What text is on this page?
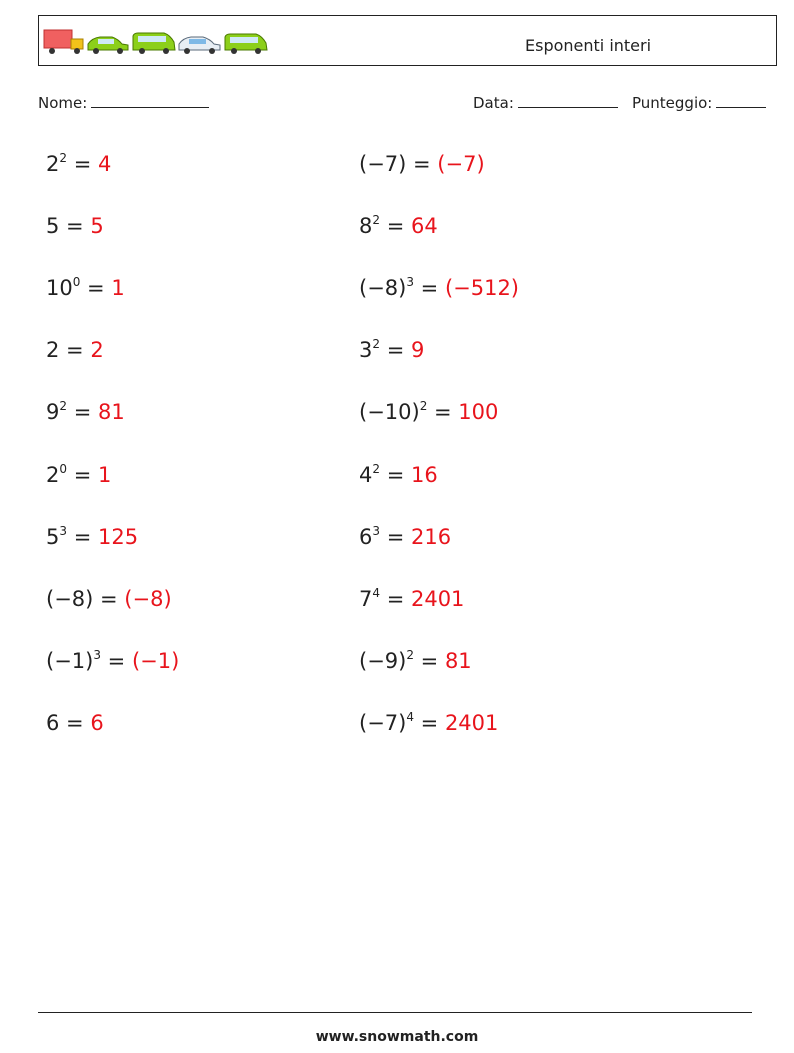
Esponenti interi
Nome:	Data:	Punteggio:
$2^2 = 4$
5 = 5
$10^0 = 1$
2 = 2
$9^2 = 81$
$2^0 = 1$
$5^3 = 125$
(−8) = (−8)
$(-1)^3 = (-1)$
6 = 6
(−7) = (−7)
$8^2 = 64$
$(-8)^3 = (-512)$
$3^2 = 9$
$(-10)^2 = 100$
$4^2 = 16$
$6^3 = 216$
$7^4 = 2401$
$(-9)^2 = 81$
$(-7)^4 = 2401$
www.snowmath.com
